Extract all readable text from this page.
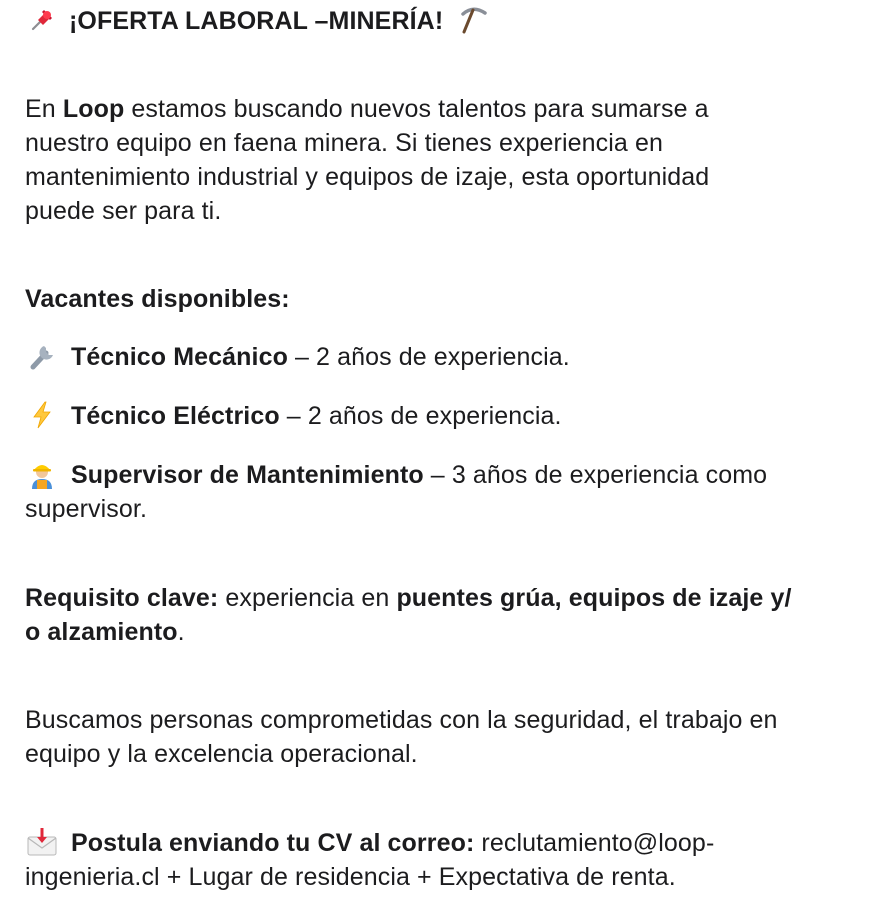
¡OFERTA LABORAL –MINERÍA!
En Loop estamos buscando nuevos talentos para sumarse a
nuestro equipo en faena minera. Si tienes experiencia en
mantenimiento industrial y equipos de izaje, esta oportunidad
puede ser para ti.
Vacantes disponibles:
Técnico Mecánico – 2 años de experiencia.
Técnico Eléctrico – 2 años de experiencia.
Supervisor de Mantenimiento – 3 años de experiencia como
supervisor.
Requisito clave: experiencia en puentes grúa, equipos de izaje y/
o alzamiento.
Buscamos personas comprometidas con la seguridad, el trabajo en
equipo y la excelencia operacional.
Postula enviando tu CV al correo: reclutamiento@loop-
ingenieria.cl + Lugar de residencia + Expectativa de renta.
